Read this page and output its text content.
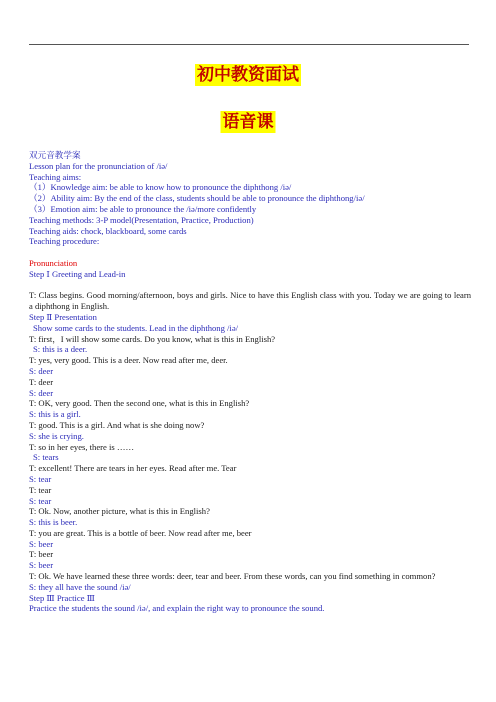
初中教资面试
语音课
双元音教学案
Lesson plan for the pronunciation of /iə/
Teaching aims:
（1）Knowledge aim: be able to know how to pronounce the diphthong /iə/
（2）Ability aim: By the end of the class, students should be able to pronounce the diphthong/iə/
（3）Emotion aim: be able to pronounce the /iə/more confidently
Teaching methods: 3-P model(Presentation, Practice, Production)
Teaching aids: chock, blackboard, some cards
Teaching procedure:
Pronunciation
Step Ⅰ Greeting and Lead-in
T: Class begins. Good morning/afternoon, boys and girls. Nice to have this English class with you. Today we are going to learn a diphthong in English.
Step Ⅱ Presentation
Show some cards to the students. Lead in the diphthong /iə/
T: first，I will show some cards. Do you know, what is this in English?
S: this is a deer.
T: yes, very good. This is a deer. Now read after me, deer.
S: deer
T: deer
S: deer
T: OK, very good. Then the second one, what is this in English?
S: this is a girl.
T: good. This is a girl. And what is she doing now?
S: she is crying.
T: so in her eyes, there is ……
S: tears
T: excellent! There are tears in her eyes. Read after me. Tear
S: tear
T: tear
S: tear
T: Ok. Now, another picture, what is this in English?
S: this is beer.
T: you are great. This is a bottle of beer. Now read after me, beer
S: beer
T: beer
S: beer
T: Ok. We have learned these three words: deer, tear and beer. From these words, can you find something in common?
S: they all have the sound /iə/
Step Ⅲ Practice Ⅲ
Practice the students the sound /iə/, and explain the right way to pronounce the sound.
